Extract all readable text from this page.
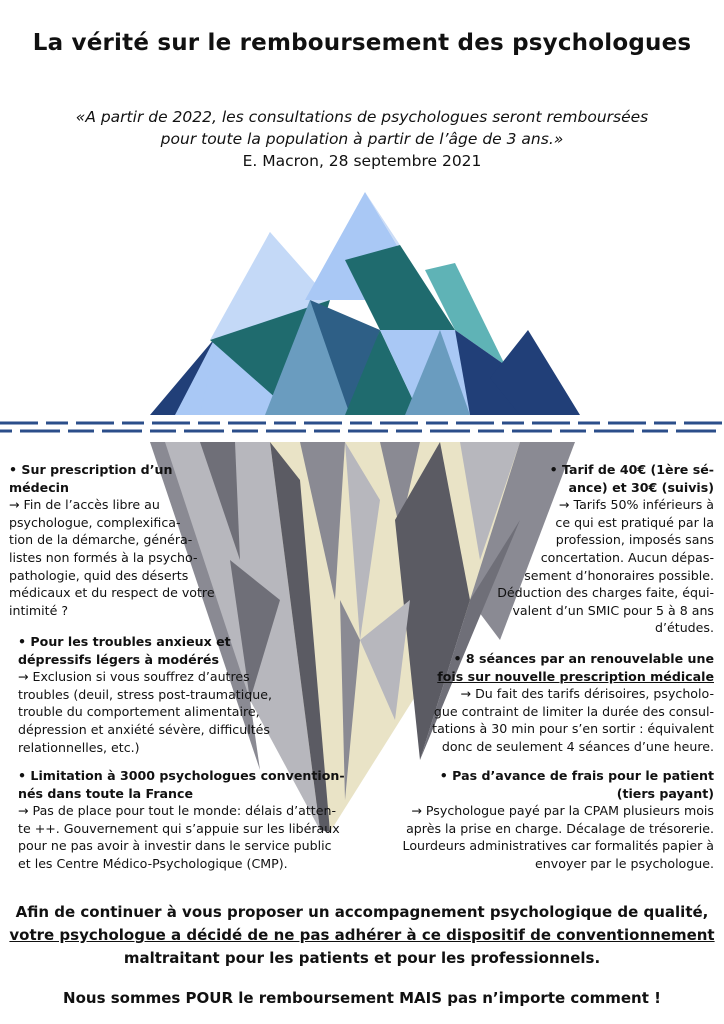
La vérité sur le remboursement des psychologues
«A partir de 2022, les consultations de psychologues seront remboursées
pour toute la population à partir de l’âge de 3 ans.»
E. Macron, 28 septembre 2021
• Sur prescription d’un
médecin
→ Fin de l’accès libre au
psychologue, complexifica-
tion de la démarche, généra-
listes non formés à la psycho-
pathologie, quid des déserts
médicaux et du respect de votre
intimité ?
• Pour les troubles anxieux et
dépressifs légers à modérés
→ Exclusion si vous souffrez d’autres
troubles (deuil, stress post-traumatique,
trouble du comportement alimentaire,
dépression et anxiété sévère, difficultés
relationnelles, etc.)
• Limitation à 3000 psychologues convention-
nés dans toute la France
→ Pas de place pour tout le monde: délais d’atten-
te ++. Gouvernement qui s’appuie sur les libéraux
pour ne pas avoir à investir dans le service public
et les Centre Médico-Psychologique (CMP).
• Tarif de 40€ (1ère sé-
ance) et 30€ (suivis)
→ Tarifs 50% inférieurs à
ce qui est pratiqué par la
profession, imposés sans
concertation. Aucun dépas-
sement d’honoraires possible.
Déduction des charges faite, équi-
valent d’un SMIC pour 5 à 8 ans
d’études.
• 8 séances par an renouvelable une
fois sur nouvelle prescription médicale
→ Du fait des tarifs dérisoires, psycholo-
gue contraint de limiter la durée des consul-
tations à 30 min pour s’en sortir : équivalent
donc de seulement 4 séances d’une heure.
• Pas d’avance de frais pour le patient
(tiers payant)
→ Psychologue payé par la CPAM plusieurs mois
après la prise en charge. Décalage de trésorerie.
Lourdeurs administratives car formalités papier à
envoyer par le psychologue.
Afin de continuer à vous proposer un accompagnement psychologique de qualité,
votre psychologue a décidé de ne pas adhérer à ce dispositif de conventionnement
maltraitant pour les patients et pour les professionnels.
Nous sommes POUR le remboursement MAIS pas n’importe comment !
